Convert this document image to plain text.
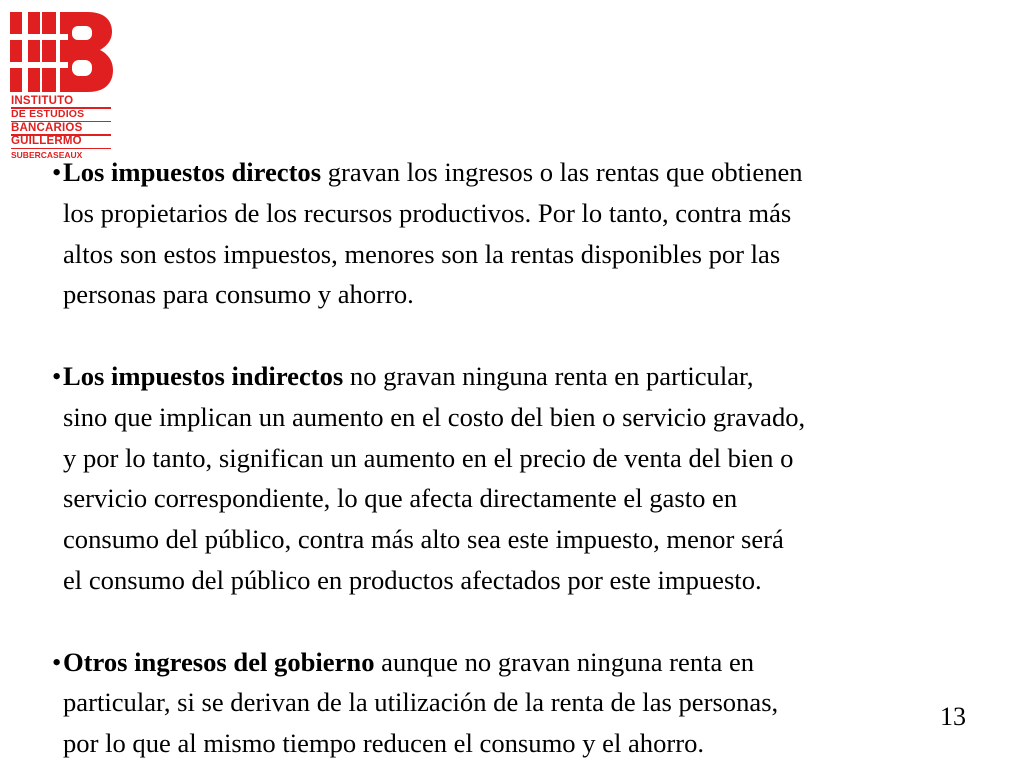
INSTITUTO
DE ESTUDIOS
BANCARIOS
GUILLERMO
SUBERCASEAUX

• Los impuestos directos gravan los ingresos o las rentas que obtienen
los propietarios de los recursos productivos. Por lo tanto, contra más
altos son estos impuestos, menores son la rentas disponibles por las
personas para consumo y ahorro.

• Los impuestos indirectos no gravan ninguna renta en particular,
sino que implican un aumento en el costo del bien o servicio gravado,
y por lo tanto, significan un aumento en el precio de venta del bien o
servicio correspondiente, lo que afecta directamente el gasto en
consumo del público, contra más alto sea este impuesto, menor será
el consumo del público en productos afectados por este impuesto.

• Otros ingresos del gobierno aunque no gravan ninguna renta en
particular, si se derivan de la utilización de la renta de las personas,
por lo que al mismo tiempo reducen el consumo y el ahorro.

13
